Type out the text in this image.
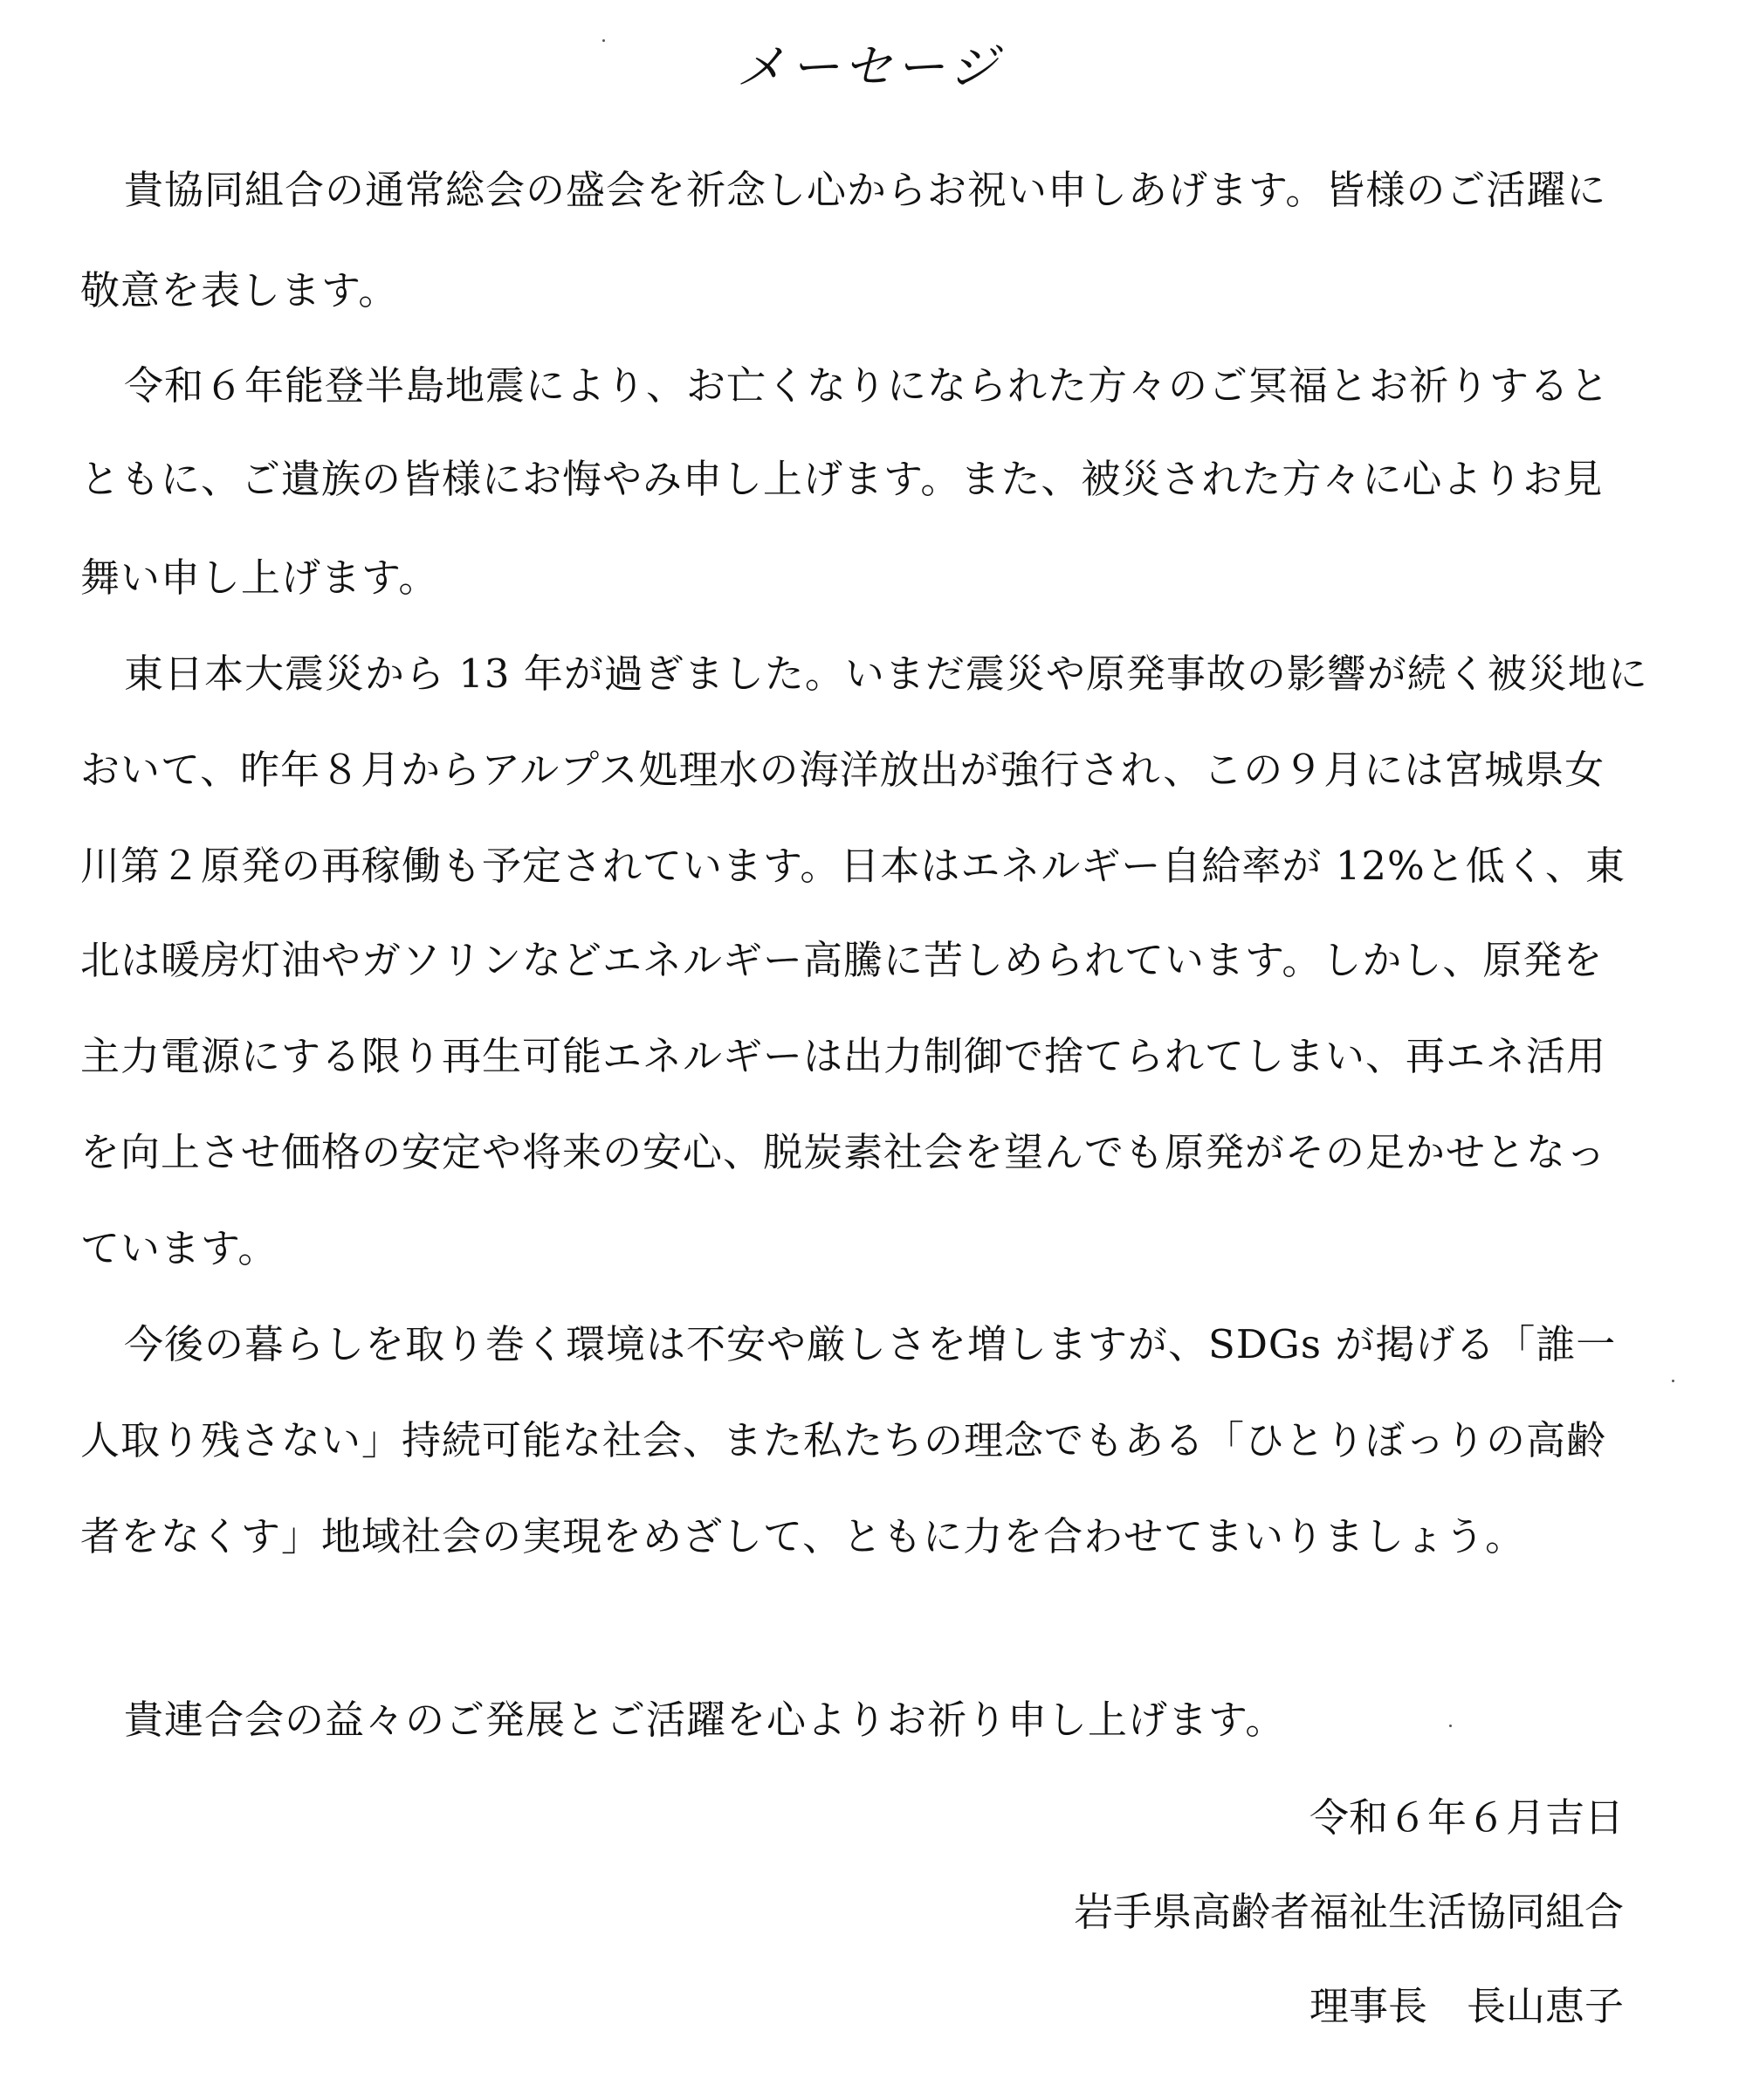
メーセージ
貴協同組合の通常総会の盛会を祈念し心からお祝い申しあげます。皆様のご活躍に
敬意を表します。
令和６年能登半島地震により、お亡くなりになられた方々のご冥福とお祈りすると
ともに、ご遺族の皆様にお悔やみ申し上げます。また、被災された方々に心よりお見
舞い申し上げます。
東日本大震災から 13 年が過ぎました。いまだ震災や原発事故の影響が続く被災地に
おいて、昨年８月からアルプス処理水の海洋放出が強行され、この９月には宮城県女
川第２原発の再稼働も予定されています。日本はエネルギー自給率が 12%と低く、東
北は暖房灯油やガソリンなどエネルギー高騰に苦しめられています。しかし、原発を
主力電源にする限り再生可能エネルギーは出力制御で捨てられてしまい、再エネ活用
を向上させ価格の安定や将来の安心、脱炭素社会を望んでも原発がその足かせとなっ
ています。
今後の暮らしを取り巻く環境は不安や厳しさを増しますが、SDGs が掲げる「誰一
人取り残さない」持続可能な社会、また私たちの理念でもある「ひとりぼっりの高齢
者をなくす」地域社会の実現をめざして、ともに力を合わせてまいりましょう。
貴連合会の益々のご発展とご活躍を心よりお祈り申し上げます。
令和６年６月吉日
岩手県高齢者福祉生活協同組合
理事長　長山恵子
